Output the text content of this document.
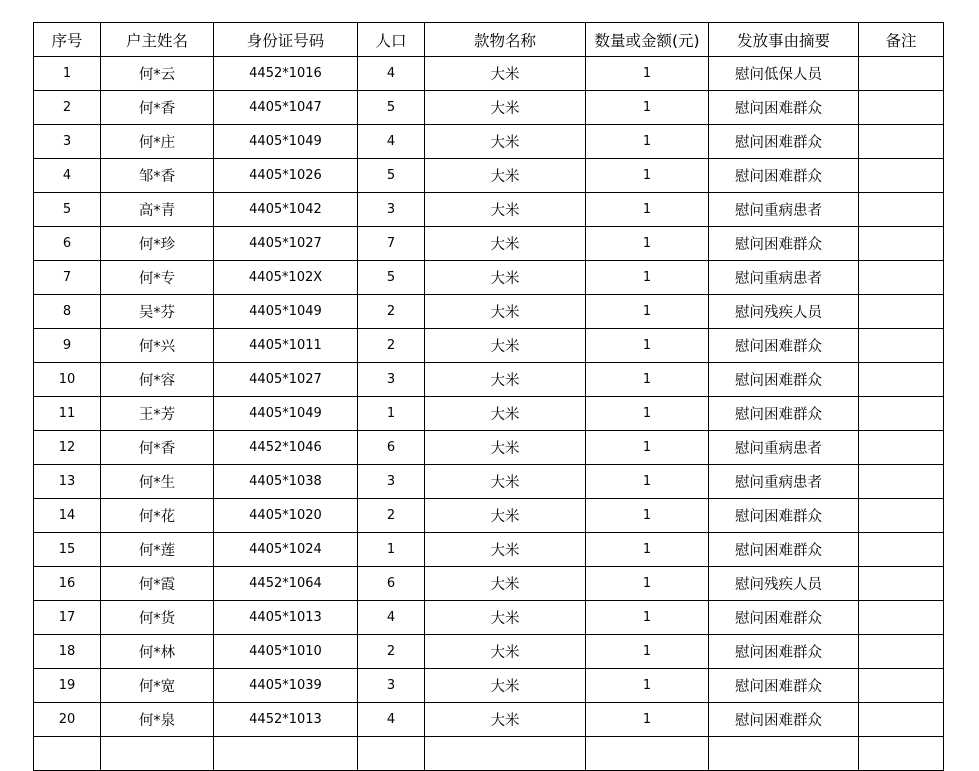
序号	户主姓名	身份证号码	人口	款物名称	数量或金额(元)	发放事由摘要	备注
1	何*云	4452*1016	4	大米	1	慰问低保人员	
2	何*香	4405*1047	5	大米	1	慰问困难群众	
3	何*庄	4405*1049	4	大米	1	慰问困难群众	
4	邹*香	4405*1026	5	大米	1	慰问困难群众	
5	高*青	4405*1042	3	大米	1	慰问重病患者	
6	何*珍	4405*1027	7	大米	1	慰问困难群众	
7	何*专	4405*102X	5	大米	1	慰问重病患者	
8	吴*芬	4405*1049	2	大米	1	慰问残疾人员	
9	何*兴	4405*1011	2	大米	1	慰问困难群众	
10	何*容	4405*1027	3	大米	1	慰问困难群众	
11	王*芳	4405*1049	1	大米	1	慰问困难群众	
12	何*香	4452*1046	6	大米	1	慰问重病患者	
13	何*生	4405*1038	3	大米	1	慰问重病患者	
14	何*花	4405*1020	2	大米	1	慰问困难群众	
15	何*莲	4405*1024	1	大米	1	慰问困难群众	
16	何*霞	4452*1064	6	大米	1	慰问残疾人员	
17	何*货	4405*1013	4	大米	1	慰问困难群众	
18	何*林	4405*1010	2	大米	1	慰问困难群众	
19	何*宽	4405*1039	3	大米	1	慰问困难群众	
20	何*泉	4452*1013	4	大米	1	慰问困难群众	
